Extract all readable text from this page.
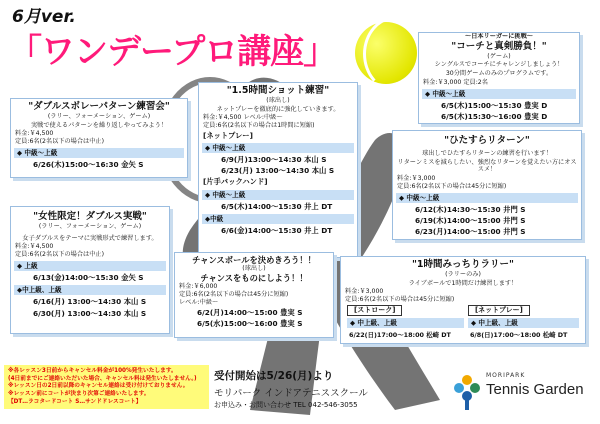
6月ver.
「ワンデープロ講座」
"ダブルスボレーパターン練習会"
(ラリー、フォーメーション、ゲーム)
実戦で使えるパターンを繰り返しやってみよう！
料金:￥4,500
定員:6名(2名以下の場合は中止)
◆ 中級～上級
6/26(木)15:00～16:30 金矢 S
"1.5時間ショット練習"
(球出し)
ネットプレーを徹底的に強化していきます。
料金:￥4,500 レベル:中級～
定員:6名(2名以下の場合は1時間に短縮)
[ネットプレー]
◆ 中級～上級
6/9(月)13:00～14:30 本山 S
6/23(月) 13:00～14:30 本山 S
[片手バックハンド]
◆ 中級～上級
6/5(木)14:00～15:30 井上 DT
◆中級
6/6(金)14:00～15:30 井上 DT
～日本リーガーに挑戦～
"コーチと真剣勝負！"
(ゲーム)
シングルスでコーチにチャレンジしましょう！
30分間ゲームのみのプログラムです。
料金:￥3,000 定員:2名
◆ 中級～上級
6/5(木)15:00～15:30 豊実 D
6/5(木)15:30～16:00 豊実 D
"ひたすらリターン"
球出しでひたすらリターンの練習を行います！
リターンミスを減らしたい、強烈なリターンを覚えたい方にオススメ！
料金:￥3,000
定員:6名(2名以下の場合は45分に短縮)
◆ 中級～上級
6/12(木)14:30～15:30 井門 S
6/19(木)14:00～15:00 井門 S
6/23(月)14:00～15:00 井門 S
"女性限定！ダブルス実戦"
(ラリー、フォーメーション、ゲーム)
女子ダブルスをテーマに実戦形式で練習します。
料金:￥4,500
定員:6名(2名以下の場合は中止)
◆ 上級
6/13(金)14:00～15:30 金矢 S
◆中上級、上級
6/16(月) 13:00～14:30 本山 S
6/30(月) 13:00～14:30 本山 S
チャンスボールを決めきろう！！
(球出し)
チャンスをものにしよう！！
料金:￥6,000
定員:6名(2名以下の場合は45分に短縮)
レベル:中級～
6/2(月)14:00～15:00 豊実 S
6/5(水)15:00～16:00 豊実 S
"1時間みっちりラリー"
(ラリーのみ)
ライブボールで1時間だけ練習します！
料金:￥3,000
定員:6名(2名以下の場合は45分に短縮)
[ストローク]
◆ 中上級、上級
6/22(日)17:00～18:00 松崎 DT
[ネットプレー]
◆ 中上級、上級
6/8(日)17:00～18:00 松崎 DT
※各レッスン3日前からキャンセル料金が100%発生いたします。
(4日前までにご連絡いただいた場合、キャンセル料は発生いたしません。)
※レッスン日の2日前以降のキャンセル連絡は受け付けておりません。
※レッスン前にコートが決まり次第ご連絡いたします。
【DT…ラコタードコート S…サンドドレスコート】
受付開始は5/26(月)より
モリパーク インドアテニススクール
お申込み・お問い合わせ TEL 042-546-3055
MORIPARK
Tennis Garden
